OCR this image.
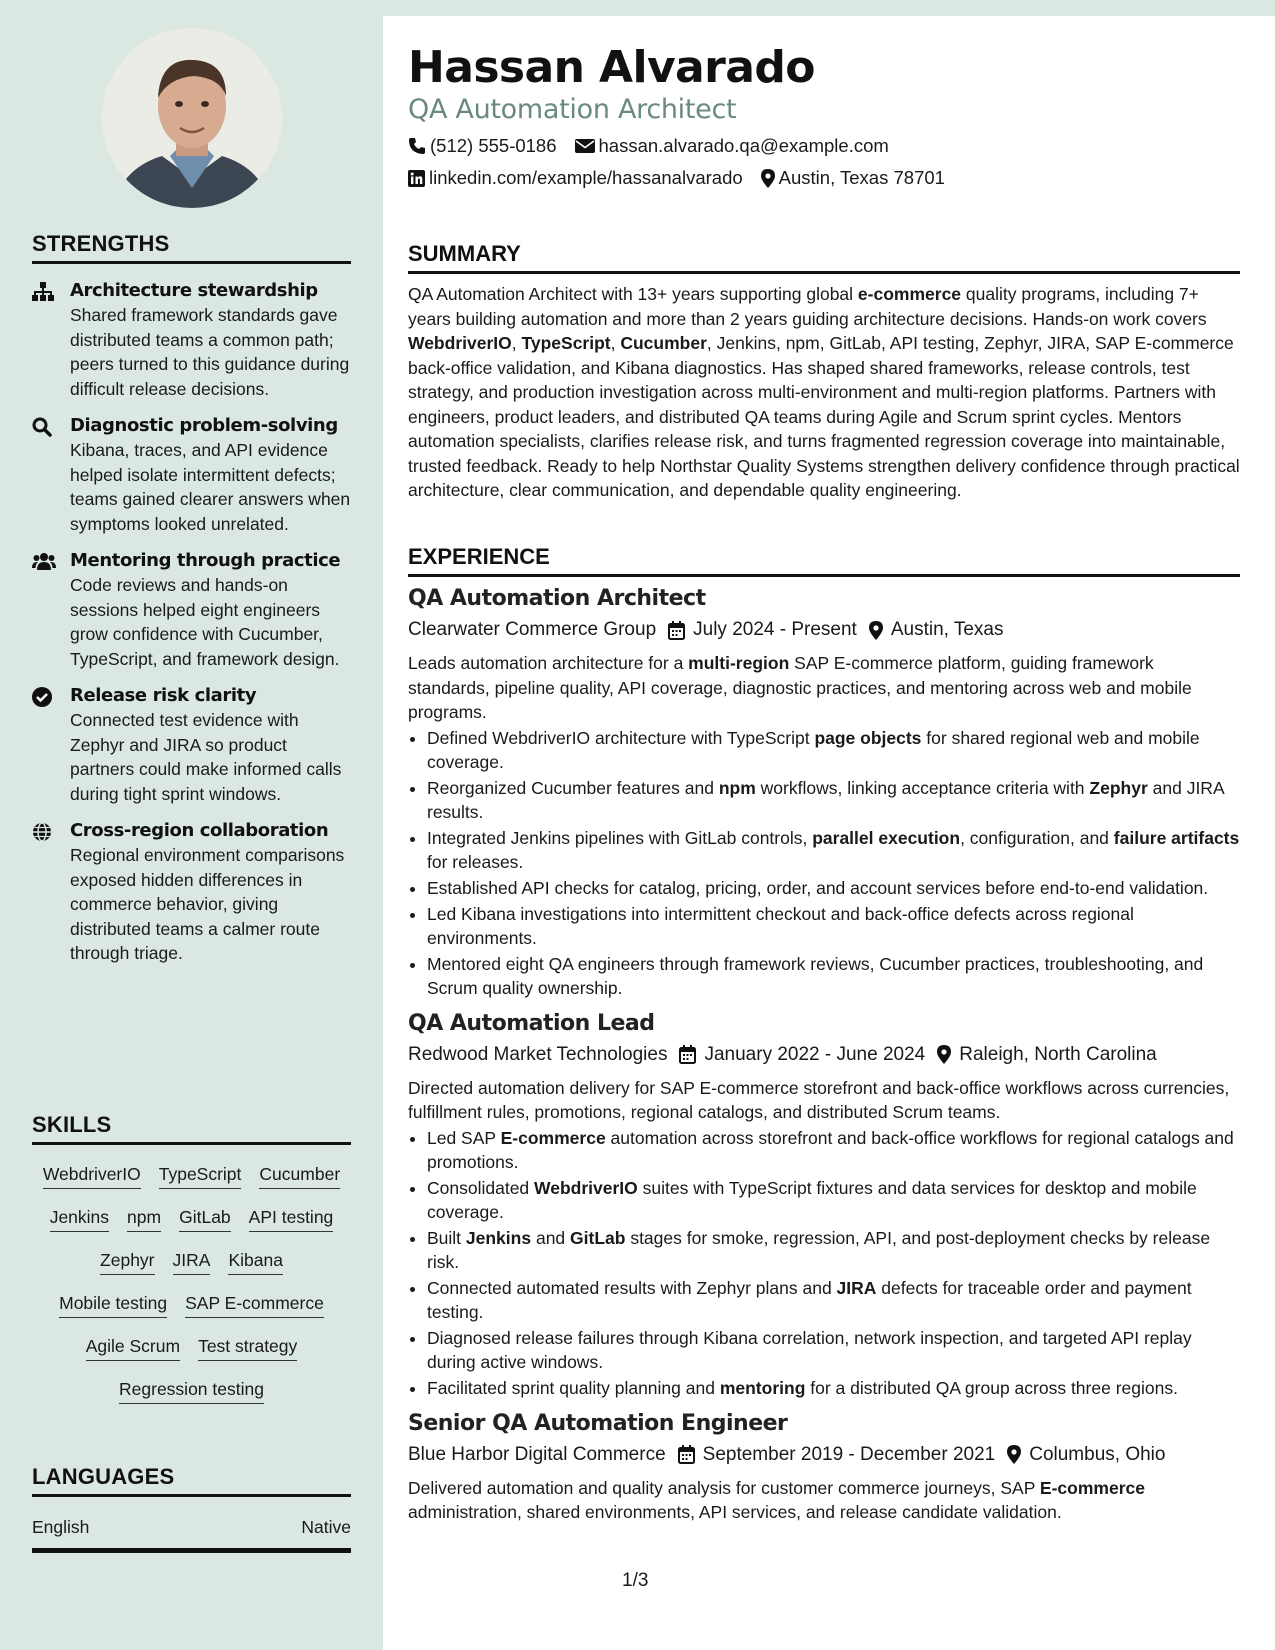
STRENGTHS
Architecture stewardship
Shared framework standards gave distributed teams a common path; peers turned to this guidance during difficult release decisions.
Diagnostic problem-solving
Kibana, traces, and API evidence helped isolate intermittent defects; teams gained clearer answers when symptoms looked unrelated.
Mentoring through practice
Code reviews and hands-on sessions helped eight engineers grow confidence with Cucumber, TypeScript, and framework design.
Release risk clarity
Connected test evidence with Zephyr and JIRA so product partners could make informed calls during tight sprint windows.
Cross-region collaboration
Regional environment comparisons exposed hidden differences in commerce behavior, giving distributed teams a calmer route through triage.
SKILLS
WebdriverIO TypeScript Cucumber
Jenkins npm GitLab API testing
Zephyr JIRA Kibana
Mobile testing SAP E-commerce
Agile Scrum Test strategy
Regression testing
LANGUAGES
English	Native
Hassan Alvarado
QA Automation Architect
(512) 555-0186 hassan.alvarado.qa@example.com
linkedin.com/example/hassanalvarado Austin, Texas 78701
SUMMARY

QA Automation Architect with 13+ years supporting global e-commerce quality programs, including 7+ years building automation and more than 2 years guiding architecture decisions. Hands-on work covers WebdriverIO, TypeScript, Cucumber, Jenkins, npm, GitLab, API testing, Zephyr, JIRA, SAP E-commerce back-office validation, and Kibana diagnostics. Has shaped shared frameworks, release controls, test strategy, and production investigation across multi-environment and multi-region platforms. Partners with engineers, product leaders, and distributed QA teams during Agile and Scrum sprint cycles. Mentors automation specialists, clarifies release risk, and turns fragmented regression coverage into maintainable, trusted feedback. Ready to help Northstar Quality Systems strengthen delivery confidence through practical architecture, clear communication, and dependable quality engineering.

EXPERIENCE
QA Automation Architect
Clearwater Commerce Group July 2024 - Present Austin, Texas

Leads automation architecture for a multi-region SAP E-commerce platform, guiding framework standards, pipeline quality, API coverage, diagnostic practices, and mentoring across web and mobile programs.

• Defined WebdriverIO architecture with TypeScript page objects for shared regional web and mobile coverage.
• Reorganized Cucumber features and npm workflows, linking acceptance criteria with Zephyr and JIRA results.
• Integrated Jenkins pipelines with GitLab controls, parallel execution, configuration, and failure artifacts for releases.
• Established API checks for catalog, pricing, order, and account services before end-to-end validation.
• Led Kibana investigations into intermittent checkout and back-office defects across regional environments.
• Mentored eight QA engineers through framework reviews, Cucumber practices, troubleshooting, and Scrum quality ownership.
QA Automation Lead
Redwood Market Technologies January 2022 - June 2024 Raleigh, North Carolina

Directed automation delivery for SAP E-commerce storefront and back-office workflows across currencies, fulfillment rules, promotions, regional catalogs, and distributed Scrum teams.

• Led SAP E-commerce automation across storefront and back-office workflows for regional catalogs and promotions.
• Consolidated WebdriverIO suites with TypeScript fixtures and data services for desktop and mobile coverage.
• Built Jenkins and GitLab stages for smoke, regression, API, and post-deployment checks by release risk.
• Connected automated results with Zephyr plans and JIRA defects for traceable order and payment testing.
• Diagnosed release failures through Kibana correlation, network inspection, and targeted API replay during active windows.
• Facilitated sprint quality planning and mentoring for a distributed QA group across three regions.
Senior QA Automation Engineer
Blue Harbor Digital Commerce September 2019 - December 2021 Columbus, Ohio

Delivered automation and quality analysis for customer commerce journeys, SAP E-commerce administration, shared environments, API services, and release candidate validation.

1/3
